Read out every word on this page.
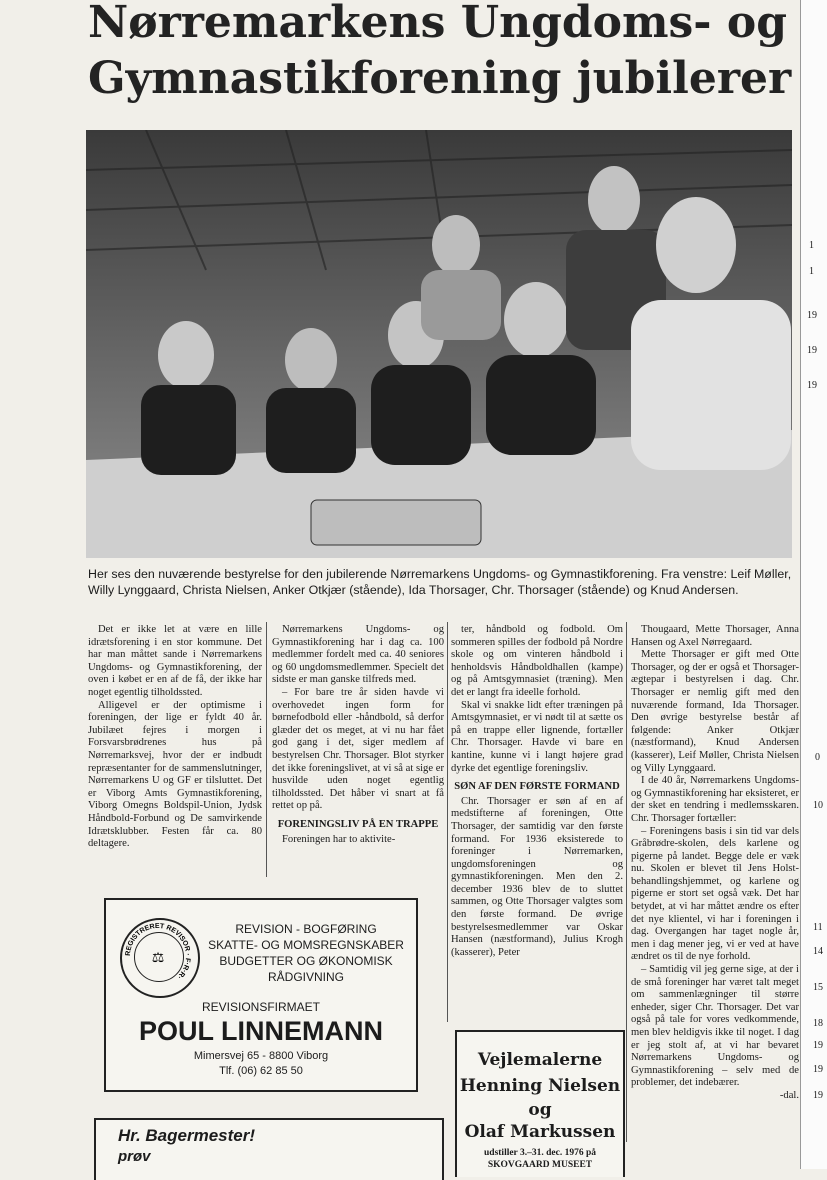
Nørremarkens Ungdoms- og
Gymnastikforening jubilerer
Her ses den nuværende bestyrelse for den jubilerende Nørremarkens Ungdoms- og Gymnastikforening. Fra venstre: Leif Møller, Willy Lynggaard, Christa Nielsen, Anker Otkjær (stående), Ida Thorsager, Chr. Thorsager (stående) og Knud Andersen.

Det er ikke let at være en lille idrætsforening i en stor kommune. Det har man måttet sande i Nørremarkens Ungdoms- og Gymnastikforening, der oven i købet er en af de få, der ikke har noget egentlig tilholdssted.

Alligevel er der optimisme i foreningen, der lige er fyldt 40 år. Jubilæet fejres i morgen i Forsvarsbrødrenes hus på Nørremarksvej, hvor der er indbudt repræsentanter for de sammenslutninger, Nørremarkens U og GF er tilsluttet. Det er Viborg Amts Gymnastikforening, Viborg Omegns Boldspil-Union, Jydsk Håndbold-Forbund og De samvirkende Idrætsklubber. Festen får ca. 80 deltagere.

Nørremarkens Ungdoms- og Gymnastikforening har i dag ca. 100 medlemmer fordelt med ca. 40 seniores og 60 ungdomsmedlemmer. Specielt det sidste er man ganske tilfreds med.

– For bare tre år siden havde vi overhovedet ingen form for børnefodbold eller -håndbold, så derfor glæder det os meget, at vi nu har fået god gang i det, siger medlem af bestyrelsen Chr. Thorsager. Blot styrker det ikke foreningslivet, at vi så at sige er husvilde uden noget egentlig tilholdssted. Det håber vi snart at få rettet op på.

FORENINGSLIV PÅ EN TRAPPE

Foreningen har to aktivite-

ter, håndbold og fodbold. Om sommeren spilles der fodbold på Nordre skole og om vinteren håndbold i henholdsvis Håndboldhallen (kampe) og på Amtsgymnasiet (træning). Men det er langt fra ideelle forhold.

Skal vi snakke lidt efter træningen på Amtsgymnasiet, er vi nødt til at sætte os på en trappe eller lignende, fortæller Chr. Thorsager. Havde vi bare en kantine, kunne vi i langt højere grad dyrke det egentlige foreningsliv.

SØN AF DEN FØRSTE FORMAND

Chr. Thorsager er søn af en af medstifterne af foreningen, Otte Thorsager, der samtidig var den første formand. For 1936 eksisterede to foreninger i Nørremarken, ungdomsforeningen og gymnastikforeningen. Men den 2. december 1936 blev de to sluttet sammen, og Otte Thorsager valgtes som den første formand. De øvrige bestyrelsesmedlemmer var Oskar Hansen (næstformand), Julius Krogh (kasserer), Peter

Thougaard, Mette Thorsager, Anna Hansen og Axel Nørregaard.

Mette Thorsager er gift med Otte Thorsager, og der er også et Thorsager-ægtepar i bestyrelsen i dag. Chr. Thorsager er nemlig gift med den nuværende formand, Ida Thorsager. Den øvrige bestyrelse består af følgende: Anker Otkjær (næstformand), Knud Andersen (kasserer), Leif Møller, Christa Nielsen og Villy Lynggaard.

I de 40 år, Nørremarkens Ungdoms- og Gymnastikforening har eksisteret, er der sket en tendring i medlemsskaren. Chr. Thorsager fortæller:

– Foreningens basis i sin tid var dels Gråbrødre-skolen, dels karlene og pigerne på landet. Begge dele er væk nu. Skolen er blevet til Jens Holst-behandlingshjemmet, og karlene og pigerne er stort set også væk. Det har betydet, at vi har måttet ændre os efter det nye klientel, vi har i foreningen i dag. Overgangen har taget nogle år, men i dag mener jeg, vi er ved at have ændret os til de nye forhold.

– Samtidig vil jeg gerne sige, at der i de små foreninger har været talt meget om sammenlægninger til større enheder, siger Chr. Thorsager. Det var også på tale for vores vedkommende, men blev heldigvis ikke til noget. I dag er jeg stolt af, at vi har bevaret Nørremarkens Ungdoms- og Gymnastikforening – selv med de problemer, det indebærer.

-dal.

REGISTRERET REVISOR · F·R·R·
⚖
REVISION - BOGFØRING
SKATTE- OG MOMSREGNSKABER
BUDGETTER OG ØKONOMISK
RÅDGIVNING
REVISIONSFIRMAET
POUL LINNEMANN
Mimersvej 65 - 8800 Viborg
Tlf. (06) 62 85 50
Hr. Bagermester!
prøv
Vejlemalerne
Henning Nielsen
og
Olaf Markussen
udstiller 3.–31. dec. 1976 på
SKOVGAARD MUSEET
1
1
19
19
19
0
10
11
14
15
18
19
19
19
